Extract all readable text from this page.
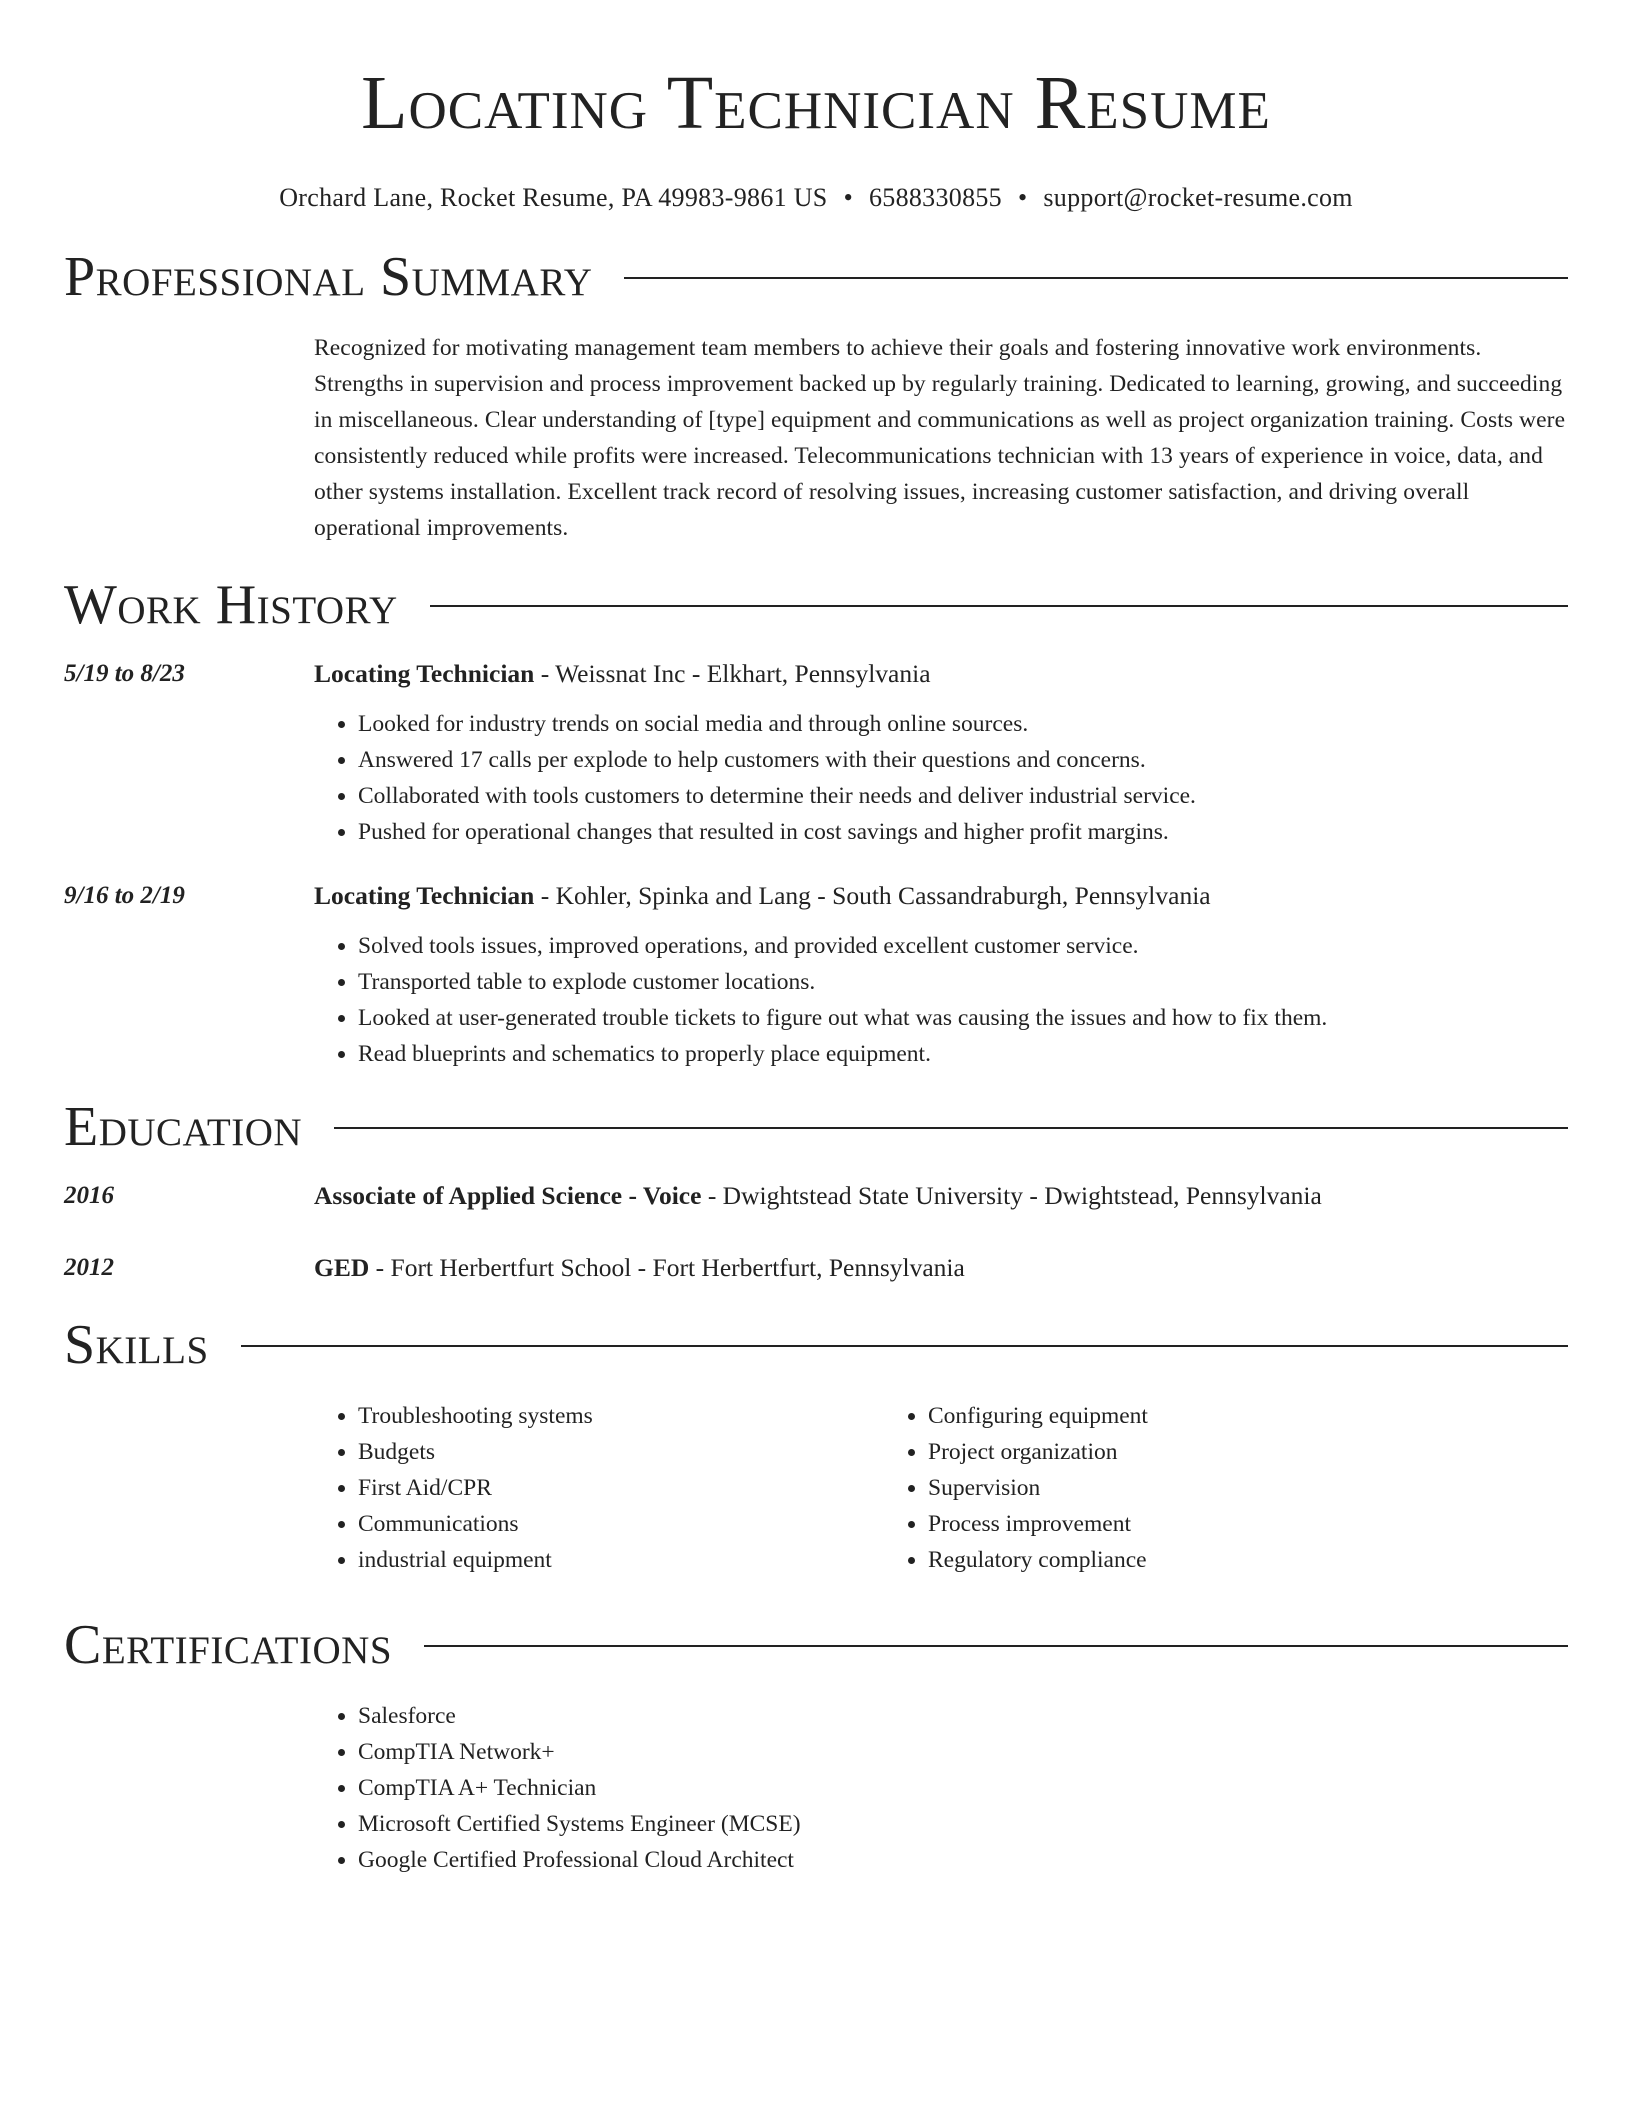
Locating Technician Resume
Orchard Lane, Rocket Resume, PA 49983-9861 US • 6588330855 • support@rocket-resume.com
Professional Summary
Recognized for motivating management team members to achieve their goals and fostering innovative work environments. Strengths in supervision and process improvement backed up by regularly training. Dedicated to learning, growing, and succeeding in miscellaneous. Clear understanding of [type] equipment and communications as well as project organization training. Costs were consistently reduced while profits were increased. Telecommunications technician with 13 years of experience in voice, data, and other systems installation. Excellent track record of resolving issues, increasing customer satisfaction, and driving overall operational improvements.
Work History
5/19 to 8/23	Locating Technician - Weissnat Inc - Elkhart, Pennsylvania
• Looked for industry trends on social media and through online sources.
• Answered 17 calls per explode to help customers with their questions and concerns.
• Collaborated with tools customers to determine their needs and deliver industrial service.
• Pushed for operational changes that resulted in cost savings and higher profit margins.
9/16 to 2/19	Locating Technician - Kohler, Spinka and Lang - South Cassandraburgh, Pennsylvania
• Solved tools issues, improved operations, and provided excellent customer service.
• Transported table to explode customer locations.
• Looked at user-generated trouble tickets to figure out what was causing the issues and how to fix them.
• Read blueprints and schematics to properly place equipment.
Education
2016	Associate of Applied Science - Voice - Dwightstead State University - Dwightstead, Pennsylvania
2012	GED - Fort Herbertfurt School - Fort Herbertfurt, Pennsylvania
Skills
• Troubleshooting systems
• Budgets
• First Aid/CPR
• Communications
• industrial equipment
• Configuring equipment
• Project organization
• Supervision
• Process improvement
• Regulatory compliance
Certifications
• Salesforce
• CompTIA Network+
• CompTIA A+ Technician
• Microsoft Certified Systems Engineer (MCSE)
• Google Certified Professional Cloud Architect
